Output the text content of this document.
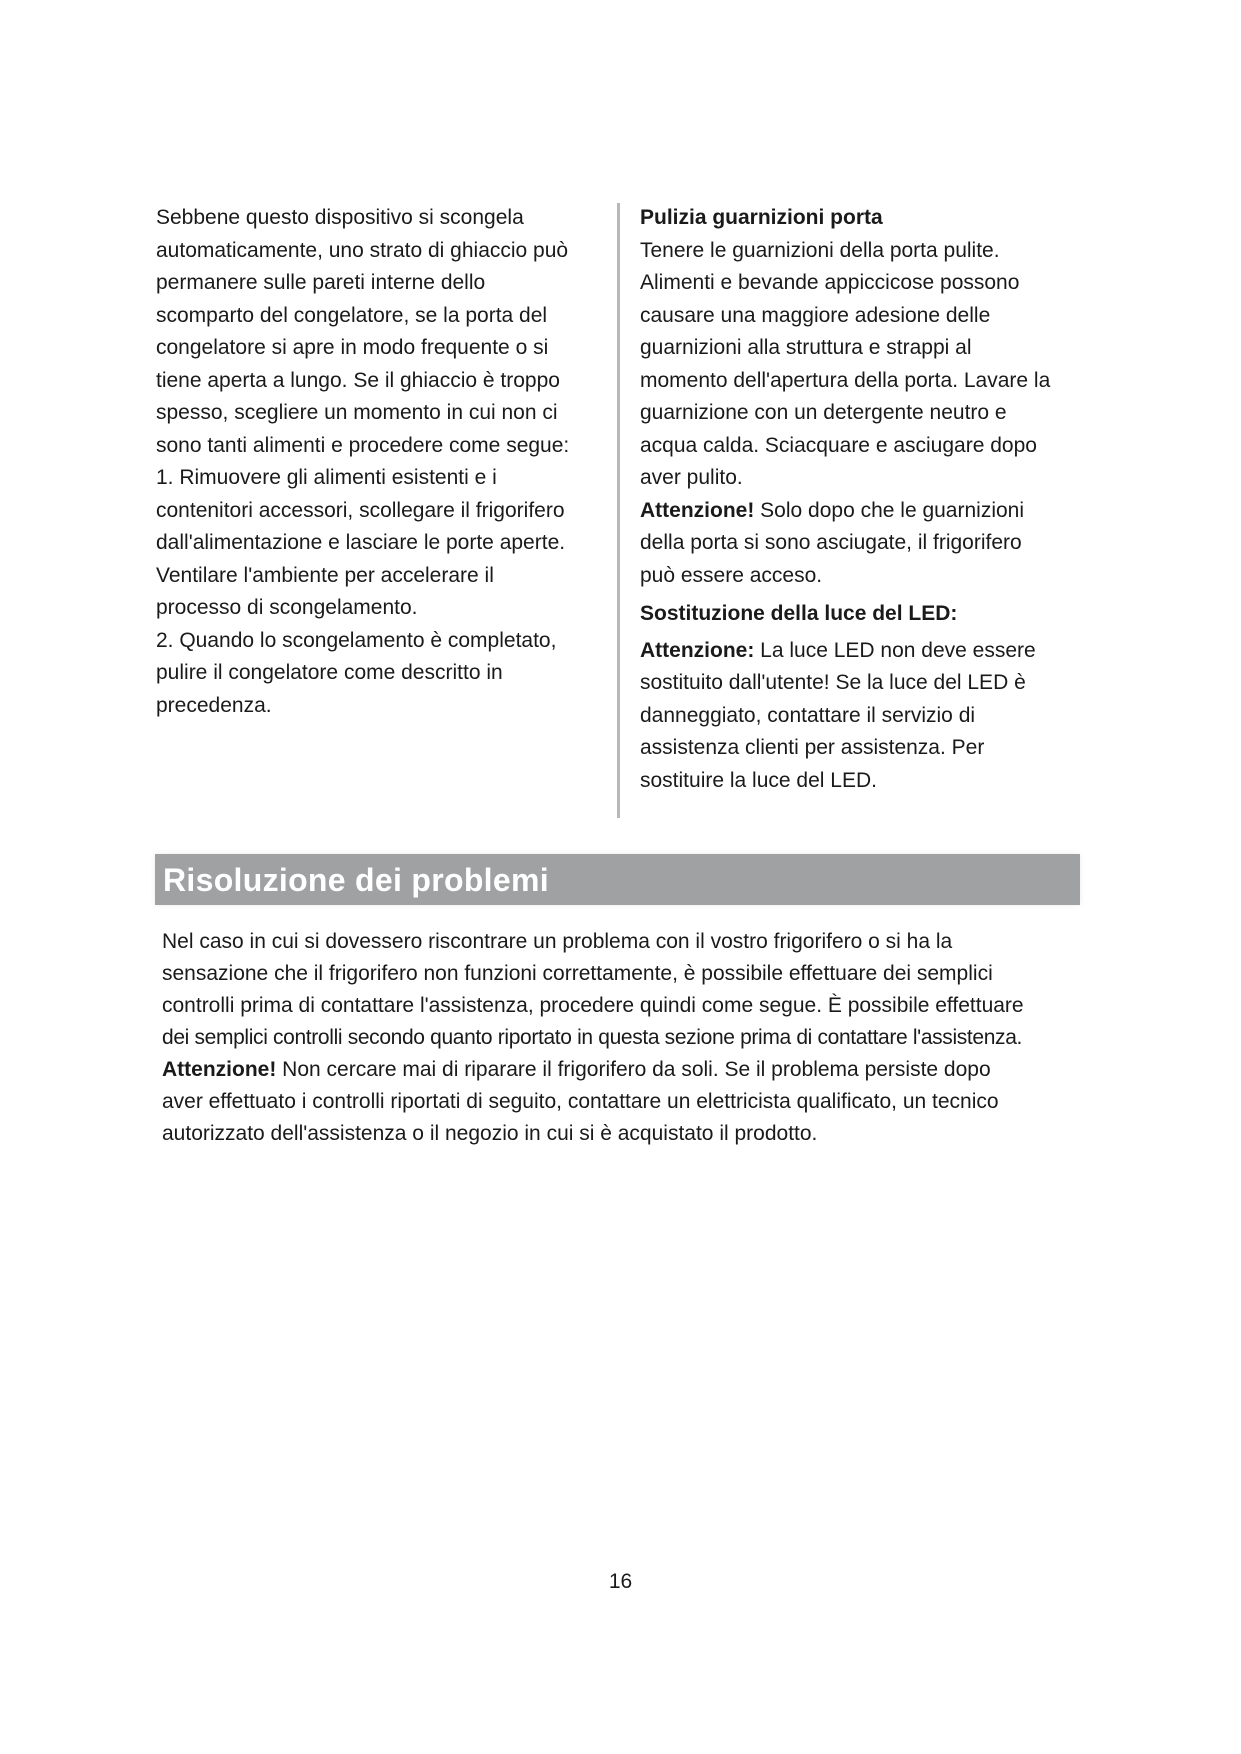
Sebbene questo dispositivo si scongela

automaticamente, uno strato di ghiaccio può

permanere sulle pareti interne dello

scomparto del congelatore, se la porta del

congelatore si apre in modo frequente o si

tiene aperta a lungo. Se il ghiaccio è troppo

spesso, scegliere un momento in cui non ci

sono tanti alimenti e procedere come segue:

1. Rimuovere gli alimenti esistenti e i

contenitori accessori, scollegare il frigorifero

dall'alimentazione e lasciare le porte aperte.

Ventilare l'ambiente per accelerare il

processo di scongelamento.

2. Quando lo scongelamento è completato,

pulire il congelatore come descritto in

precedenza.

Pulizia guarnizioni porta

Tenere le guarnizioni della porta pulite.

Alimenti e bevande appiccicose possono

causare una maggiore adesione delle

guarnizioni alla struttura e strappi al

momento dell'apertura della porta. Lavare la

guarnizione con un detergente neutro e

acqua calda. Sciacquare e asciugare dopo

aver pulito.

Attenzione! Solo dopo che le guarnizioni

della porta si sono asciugate, il frigorifero

può essere acceso.

Sostituzione della luce del LED:

Attenzione: La luce LED non deve essere

sostituito dall'utente! Se la luce del LED è

danneggiato, contattare il servizio di

assistenza clienti per assistenza. Per

sostituire la luce del LED.

Risoluzione dei problemi

Nel caso in cui si dovessero riscontrare un problema con il vostro frigorifero o si ha la

sensazione che il frigorifero non funzioni correttamente, è possibile effettuare dei semplici

controlli prima di contattare l'assistenza, procedere quindi come segue. È possibile effettuare

dei semplici controlli secondo quanto riportato in questa sezione prima di contattare l'assistenza.

Attenzione! Non cercare mai di riparare il frigorifero da soli. Se il problema persiste dopo

aver effettuato i controlli riportati di seguito, contattare un elettricista qualificato, un tecnico

autorizzato dell'assistenza o il negozio in cui si è acquistato il prodotto.

16
